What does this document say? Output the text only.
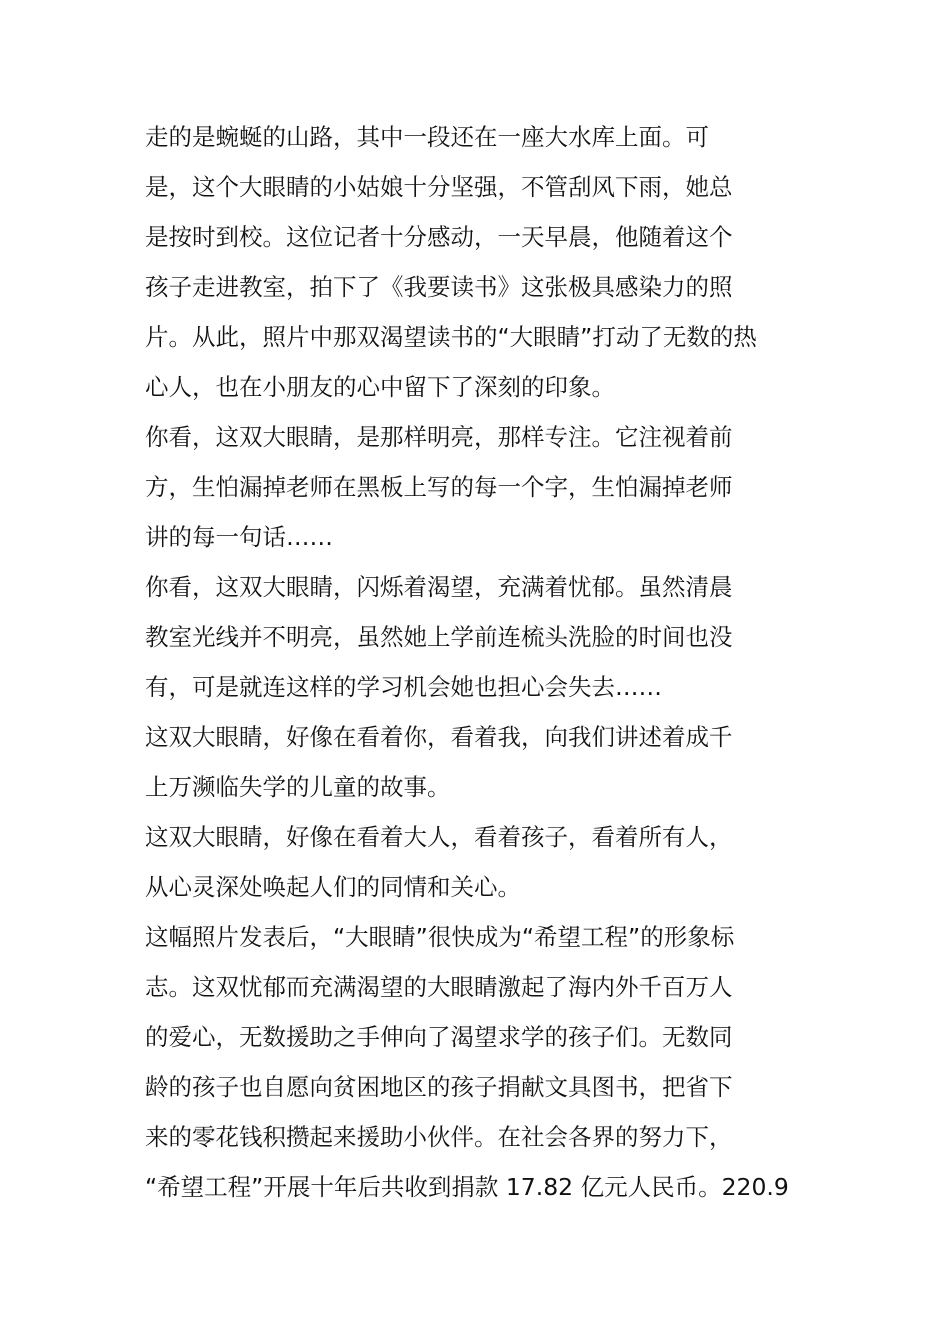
走的是蜿蜒的山路，其中一段还在一座大水库上面。可
是，这个大眼睛的小姑娘十分坚强，不管刮风下雨，她总
是按时到校。这位记者十分感动，一天早晨，他随着这个
孩子走进教室，拍下了《我要读书》这张极具感染力的照
片。从此，照片中那双渴望读书的“大眼睛”打动了无数的热
心人，也在小朋友的心中留下了深刻的印象。
你看，这双大眼睛，是那样明亮，那样专注。它注视着前
方，生怕漏掉老师在黑板上写的每一个字，生怕漏掉老师
讲的每一句话……
你看，这双大眼睛，闪烁着渴望，充满着忧郁。虽然清晨
教室光线并不明亮，虽然她上学前连梳头洗脸的时间也没
有，可是就连这样的学习机会她也担心会失去……
这双大眼睛，好像在看着你，看着我，向我们讲述着成千
上万濒临失学的儿童的故事。
这双大眼睛，好像在看着大人，看着孩子，看着所有人，
从心灵深处唤起人们的同情和关心。
这幅照片发表后，“大眼睛”很快成为“希望工程”的形象标
志。这双忧郁而充满渴望的大眼睛激起了海内外千百万人
的爱心，无数援助之手伸向了渴望求学的孩子们。无数同
龄的孩子也自愿向贫困地区的孩子捐献文具图书，把省下
来的零花钱积攒起来援助小伙伴。在社会各界的努力下，
“希望工程”开展十年后共收到捐款 17.82 亿元人民币。220.9
